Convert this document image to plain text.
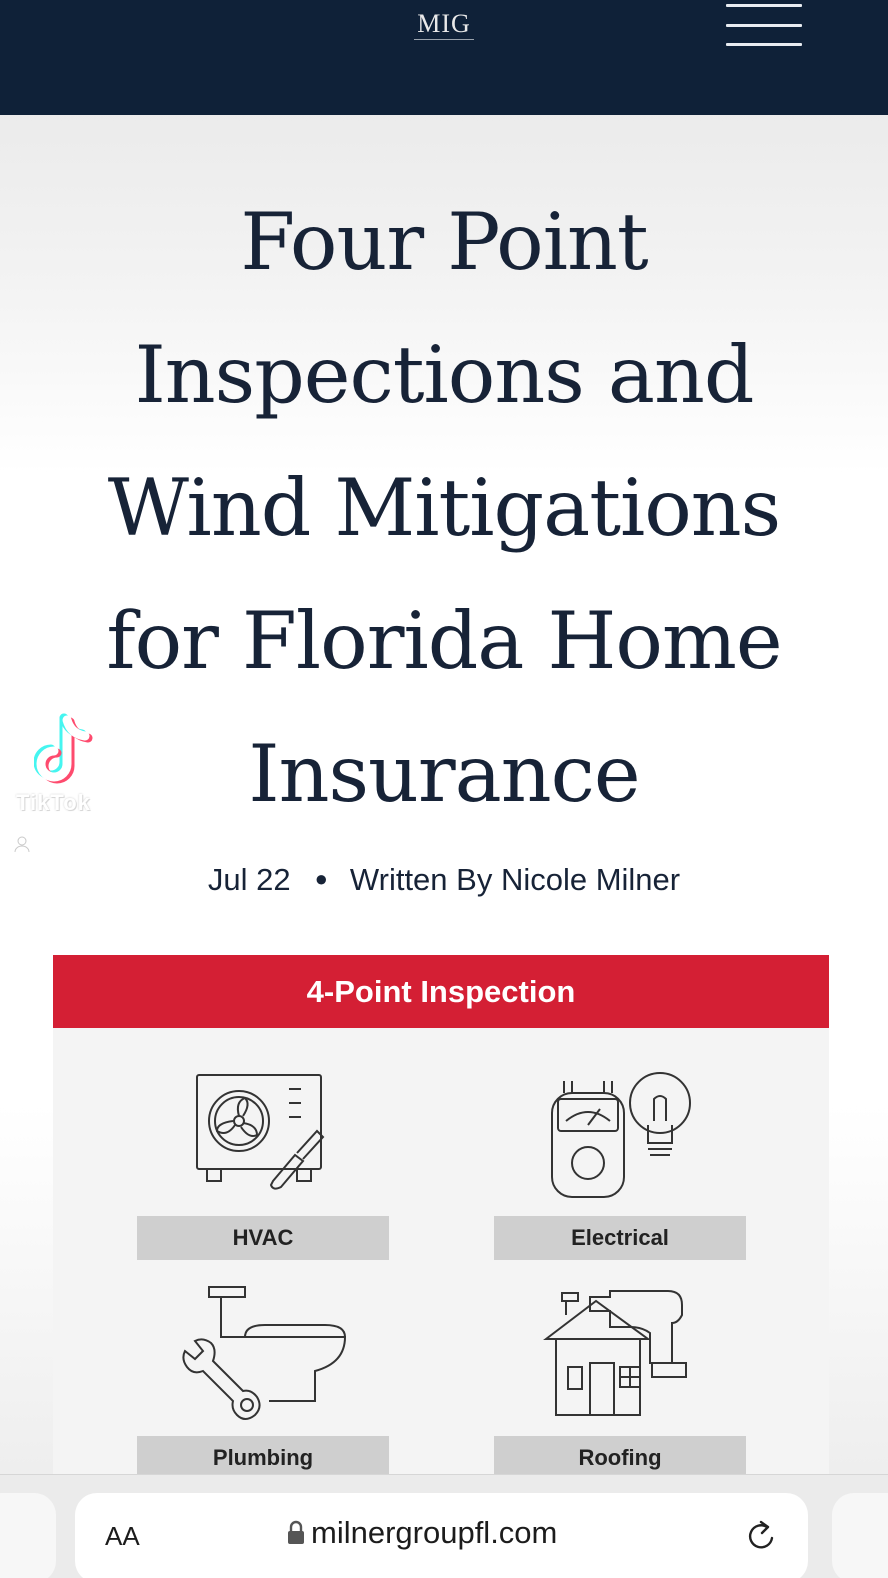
MIG
Four Point
Inspections and
Wind Mitigations
for Florida Home
Insurance
TikTok
Jul 22 ● Written By Nicole Milner
4-Point Inspection
HVAC	Electrical
Plumbing	Roofing
AA	milnergroupfl.com
